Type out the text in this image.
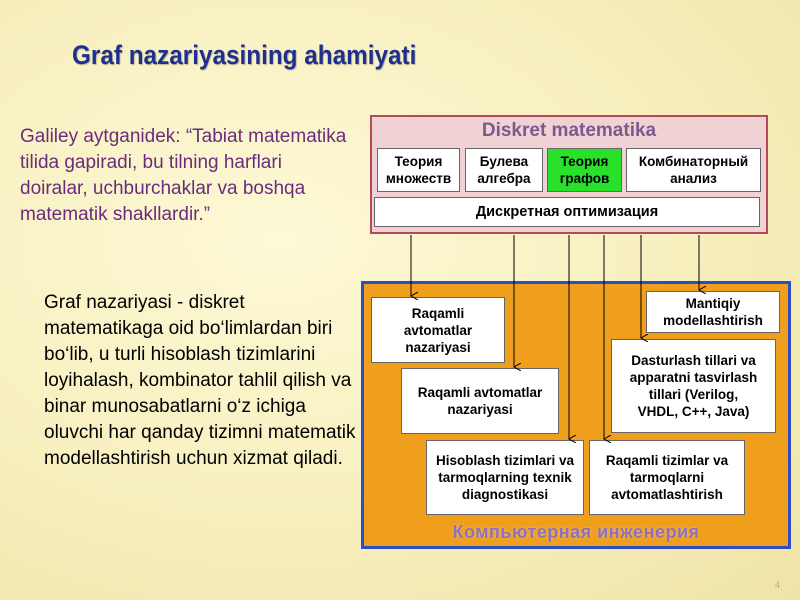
Graf nazariyasining ahamiyati
Galiley aytganidek: “Tabiat matematika tilida gapiradi, bu tilning harflari doiralar, uchburchaklar va boshqa matematik shakllardir.”
Graf nazariyasi - diskret matematikaga oid bo‘limlardan biri bo‘lib, u turli hisoblash tizimlarini loyihalash, kombinator tahlil qilish va binar munosabatlarni o‘z ichiga oluvchi har qanday tizimni matematik modellashtirish uchun xizmat qiladi.
Diskret matematika
Компьютерная инженерия
Теория
множеств
Булева
алгебра
Теория
графов
Комбинаторный
анализ
Дискретная оптимизация
Raqamli
avtomatlar
nazariyasi
Raqamli avtomatlar
nazariyasi
Hisoblash tizimlari va
tarmoqlarning texnik
diagnostikasi
Raqamli tizimlar va
tarmoqlarni
avtomatlashtirish
Dasturlash tillari va
apparatni tasvirlash
tillari (Verilog,
VHDL, C++, Java)
Mantiqiy
modellashtirish
4
